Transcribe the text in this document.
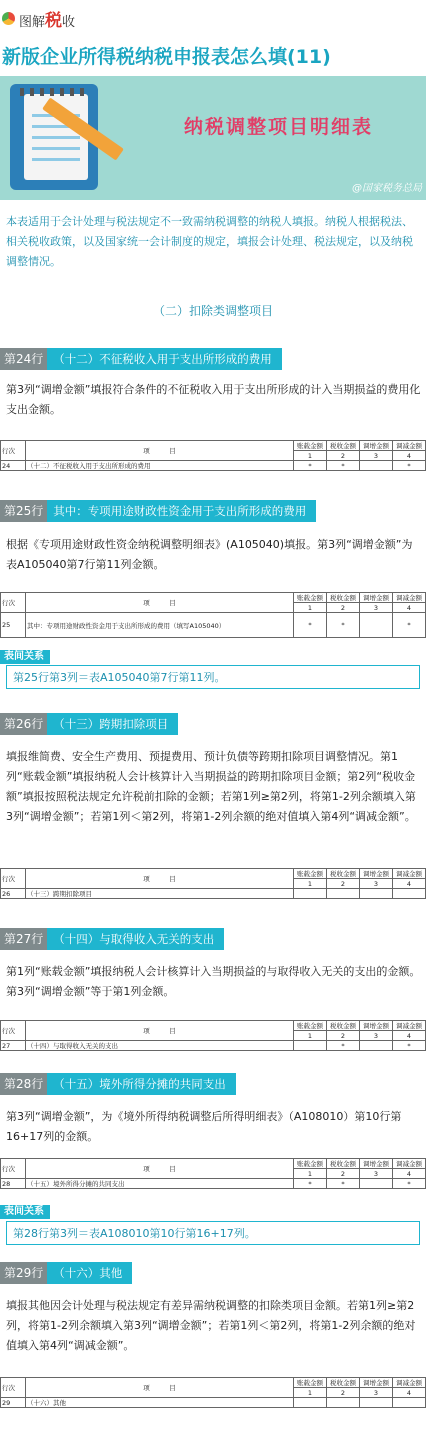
图解税收
新版企业所得税纳税申报表怎么填(11)
纳税调整项目明细表
@国家税务总局
本表适用于会计处理与税法规定不一致需纳税调整的纳税人填报。纳税人根据税法、相关税收政策，以及国家统一会计制度的规定，填报会计处理、税法规定，以及纳税调整情况。
（二）扣除类调整项目
第24行 （十二）不征税收入用于支出所形成的费用
第3列“调增金额”填报符合条件的不征税收入用于支出所形成的计入当期损益的费用化支出金额。
行次	项　　　目	账载金额	税收金额	调增金额	调减金额
		1	2	3	4
24	（十二）不征税收入用于支出所形成的费用	*	*		*
第25行 其中：专项用途财政性资金用于支出所形成的费用
根据《专项用途财政性资金纳税调整明细表》(A105040)填报。第3列“调增金额”为表A105040第7行第11列金额。
行次	项　　　目	账载金额	税收金额	调增金额	调减金额
		1	2	3	4
25	其中：专项用途财政性资金用于支出所形成的费用（填写A105040）	*	*		*
表间关系
第25行第3列＝表A105040第7行第11列。
第26行 （十三）跨期扣除项目
填报维简费、安全生产费用、预提费用、预计负债等跨期扣除项目调整情况。第1列“账载金额”填报纳税人会计核算计入当期损益的跨期扣除项目金额；第2列“税收金额”填报按照税法规定允许税前扣除的金额；若第1列≥第2列，将第1-2列余额填入第3列“调增金额”；若第1列＜第2列，将第1-2列余额的绝对值填入第4列“调减金额”。
行次	项　　　目	账载金额	税收金额	调增金额	调减金额
		1	2	3	4
26	（十三）跨期扣除项目				
第27行 （十四）与取得收入无关的支出
第1列“账载金额”填报纳税人会计核算计入当期损益的与取得收入无关的支出的金额。第3列“调增金额”等于第1列金额。
行次	项　　　目	账载金额	税收金额	调增金额	调减金额
		1	2	3	4
27	（十四）与取得收入无关的支出		*		*
第28行 （十五）境外所得分摊的共同支出
第3列“调增金额”，为《境外所得纳税调整后所得明细表》（A108010）第10行第16+17列的金额。
行次	项　　　目	账载金额	税收金额	调增金额	调减金额
		1	2	3	4
28	（十五）境外所得分摊的共同支出	*	*		*
表间关系
第28行第3列＝表A108010第10行第16+17列。
第29行 （十六）其他
填报其他因会计处理与税法规定有差异需纳税调整的扣除类项目金额。若第1列≥第2列，将第1-2列余额填入第3列“调增金额”；若第1列＜第2列，将第1-2列余额的绝对值填入第4列“调减金额”。
行次	项　　　目	账载金额	税收金额	调增金额	调减金额
		1	2	3	4
29	（十六）其他				
